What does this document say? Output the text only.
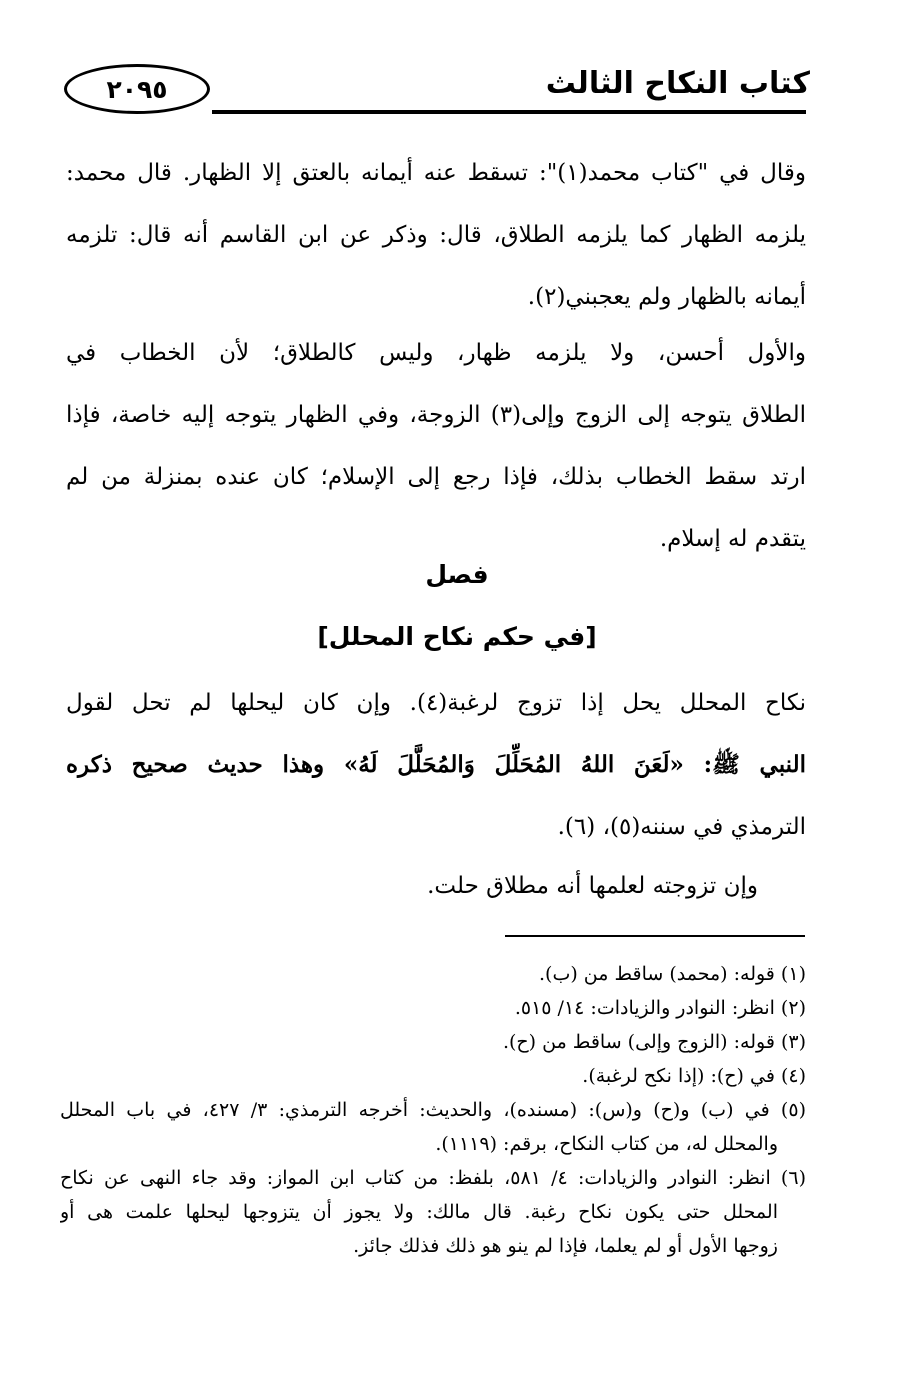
٢٠٩٥	كتاب النكاح الثالث
وقال في "كتاب محمد(١)": تسقط عنه أيمانه بالعتق إلا الظهار. قال محمد:
يلزمه الظهار كما يلزمه الطلاق، قال: وذكر عن ابن القاسم أنه قال: تلزمه
أيمانه بالظهار ولم يعجبني(٢).
والأول أحسن، ولا يلزمه ظهار، وليس كالطلاق؛ لأن الخطاب في
الطلاق يتوجه إلى الزوج وإلى(٣) الزوجة، وفي الظهار يتوجه إليه خاصة، فإذا
ارتد سقط الخطاب بذلك، فإذا رجع إلى الإسلام؛ كان عنده بمنزلة من لم
يتقدم له إسلام.
فصل
[في حكم نكاح المحلل]
نكاح المحلل يحل إذا تزوج لرغبة(٤). وإن كان ليحلها لم تحل لقول
النبي ﷺ: «لَعَنَ اللهُ المُحَلِّلَ وَالمُحَلَّلَ لَهُ» وهذا حديث صحيح ذكره
الترمذي في سننه(٥)، (٦).
وإن تزوجته لعلمها أنه مطلاق حلت.
(١) قوله: (محمد) ساقط من (ب).
(٢) انظر: النوادر والزيادات: ١٤/ ٥١٥.
(٣) قوله: (الزوج وإلى) ساقط من (ح).
(٤) في (ح): (إذا نكح لرغبة).
(٥) في (ب) و(ح) و(س): (مسنده)، والحديث: أخرجه الترمذي: ٣/ ٤٢٧، في باب المحلل
والمحلل له، من كتاب النكاح، برقم: (١١١٩).
(٦) انظر: النوادر والزيادات: ٤/ ٥٨١، بلفظ: من كتاب ابن المواز: وقد جاء النهى عن نكاح
المحلل حتى يكون نكاح رغبة. قال مالك: ولا يجوز أن يتزوجها ليحلها علمت هى أو
زوجها الأول أو لم يعلما، فإذا لم ينو هو ذلك فذلك جائز.
